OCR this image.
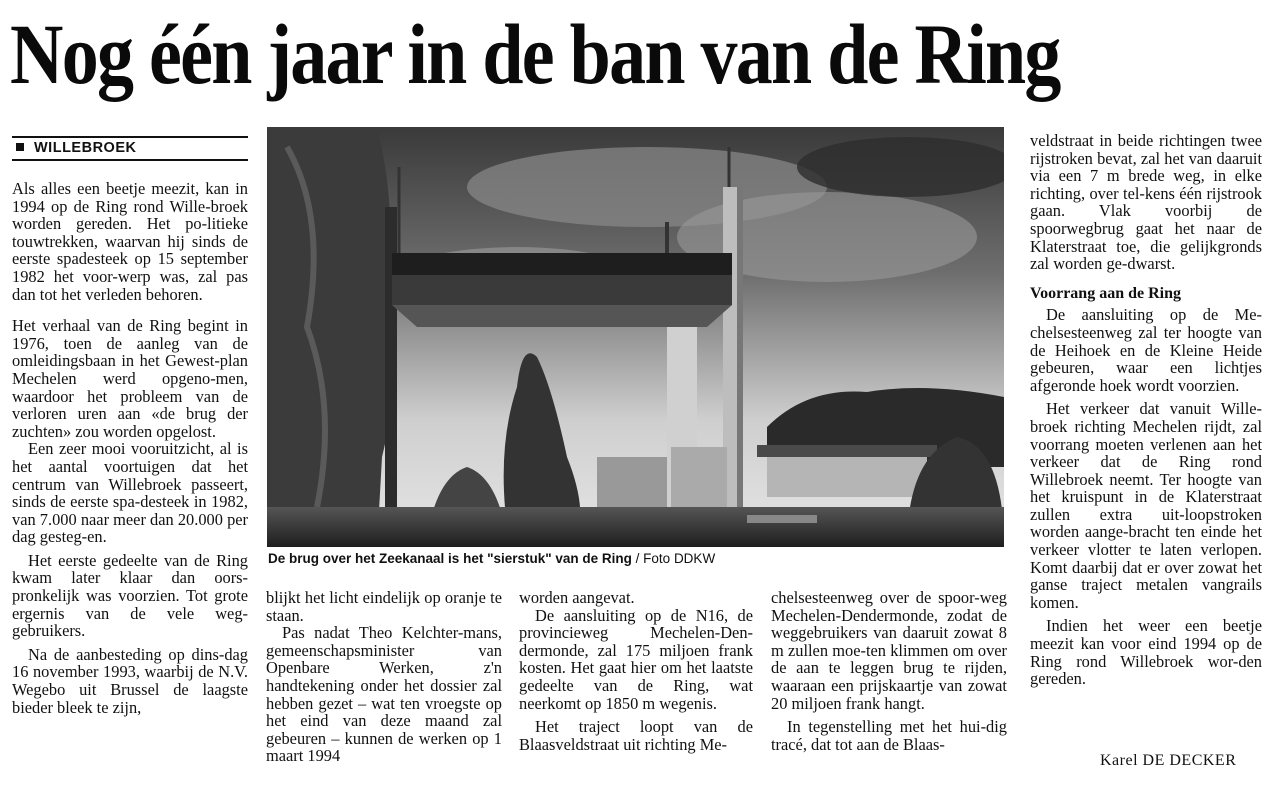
Nog één jaar in de ban van de Ring
WILLEBROEK

Als alles een beetje meezit, kan in 1994 op de Ring rond Wille-broek worden gereden. Het po-litieke touwtrekken, waarvan hij sinds de eerste spadesteek op 15 september 1982 het voor-werp was, zal pas dan tot het verleden behoren.

Het verhaal van de Ring begint in 1976, toen de aanleg van de omleidingsbaan in het Gewest-plan Mechelen werd opgeno-men, waardoor het probleem van de verloren uren aan «de brug der zuchten» zou worden opgelost.

Een zeer mooi vooruitzicht, al is het aantal voortuigen dat het centrum van Willebroek passeert, sinds de eerste spa-desteek in 1982, van 7.000 naar meer dan 20.000 per dag gesteg-en.

Het eerste gedeelte van de Ring kwam later klaar dan oors-pronkelijk was voorzien. Tot grote ergernis van de vele weg-gebruikers.

Na de aanbesteding op dins-dag 16 november 1993, waarbij de N.V. Wegebo uit Brussel de laagste bieder bleek te zijn,

De brug over het Zeekanaal is het "sierstuk" van de Ring / Foto DDKW

blijkt het licht eindelijk op oranje te staan.

Pas nadat Theo Kelchter-mans, gemeenschapsminister van Openbare Werken, z'n handtekening onder het dossier zal hebben gezet – wat ten vroegste op het eind van deze maand zal gebeuren – kunnen de werken op 1 maart 1994

worden aangevat.

De aansluiting op de N16, de provincieweg Mechelen-Den-dermonde, zal 175 miljoen frank kosten. Het gaat hier om het laatste gedeelte van de Ring, wat neerkomt op 1850 m wegenis.

Het traject loopt van de Blaasveldstraat uit richting Me-

chelsesteenweg over de spoor-weg Mechelen-Dendermonde, zodat de weggebruikers van daaruit zowat 8 m zullen moe-ten klimmen om over de aan te leggen brug te rijden, waaraan een prijskaartje van zowat 20 miljoen frank hangt.

In tegenstelling met het hui-dig tracé, dat tot aan de Blaas-

veldstraat in beide richtingen twee rijstroken bevat, zal het van daaruit via een 7 m brede weg, in elke richting, over tel-kens één rijstrook gaan. Vlak voorbij de spoorwegbrug gaat het naar de Klaterstraat toe, die gelijkgronds zal worden ge-dwarst.

Voorrang aan de Ring

De aansluiting op de Me-chelsesteenweg zal ter hoogte van de Heihoek en de Kleine Heide gebeuren, waar een lichtjes afgeronde hoek wordt voorzien.

Het verkeer dat vanuit Wille-broek richting Mechelen rijdt, zal voorrang moeten verlenen aan het verkeer dat de Ring rond Willebroek neemt. Ter hoogte van het kruispunt in de Klaterstraat zullen extra uit-loopstroken worden aange-bracht ten einde het verkeer vlotter te laten verlopen. Komt daarbij dat er over zowat het ganse traject metalen vangrails komen.

Indien het weer een beetje meezit kan voor eind 1994 op de Ring rond Willebroek wor-den gereden.

Karel DE DECKER
